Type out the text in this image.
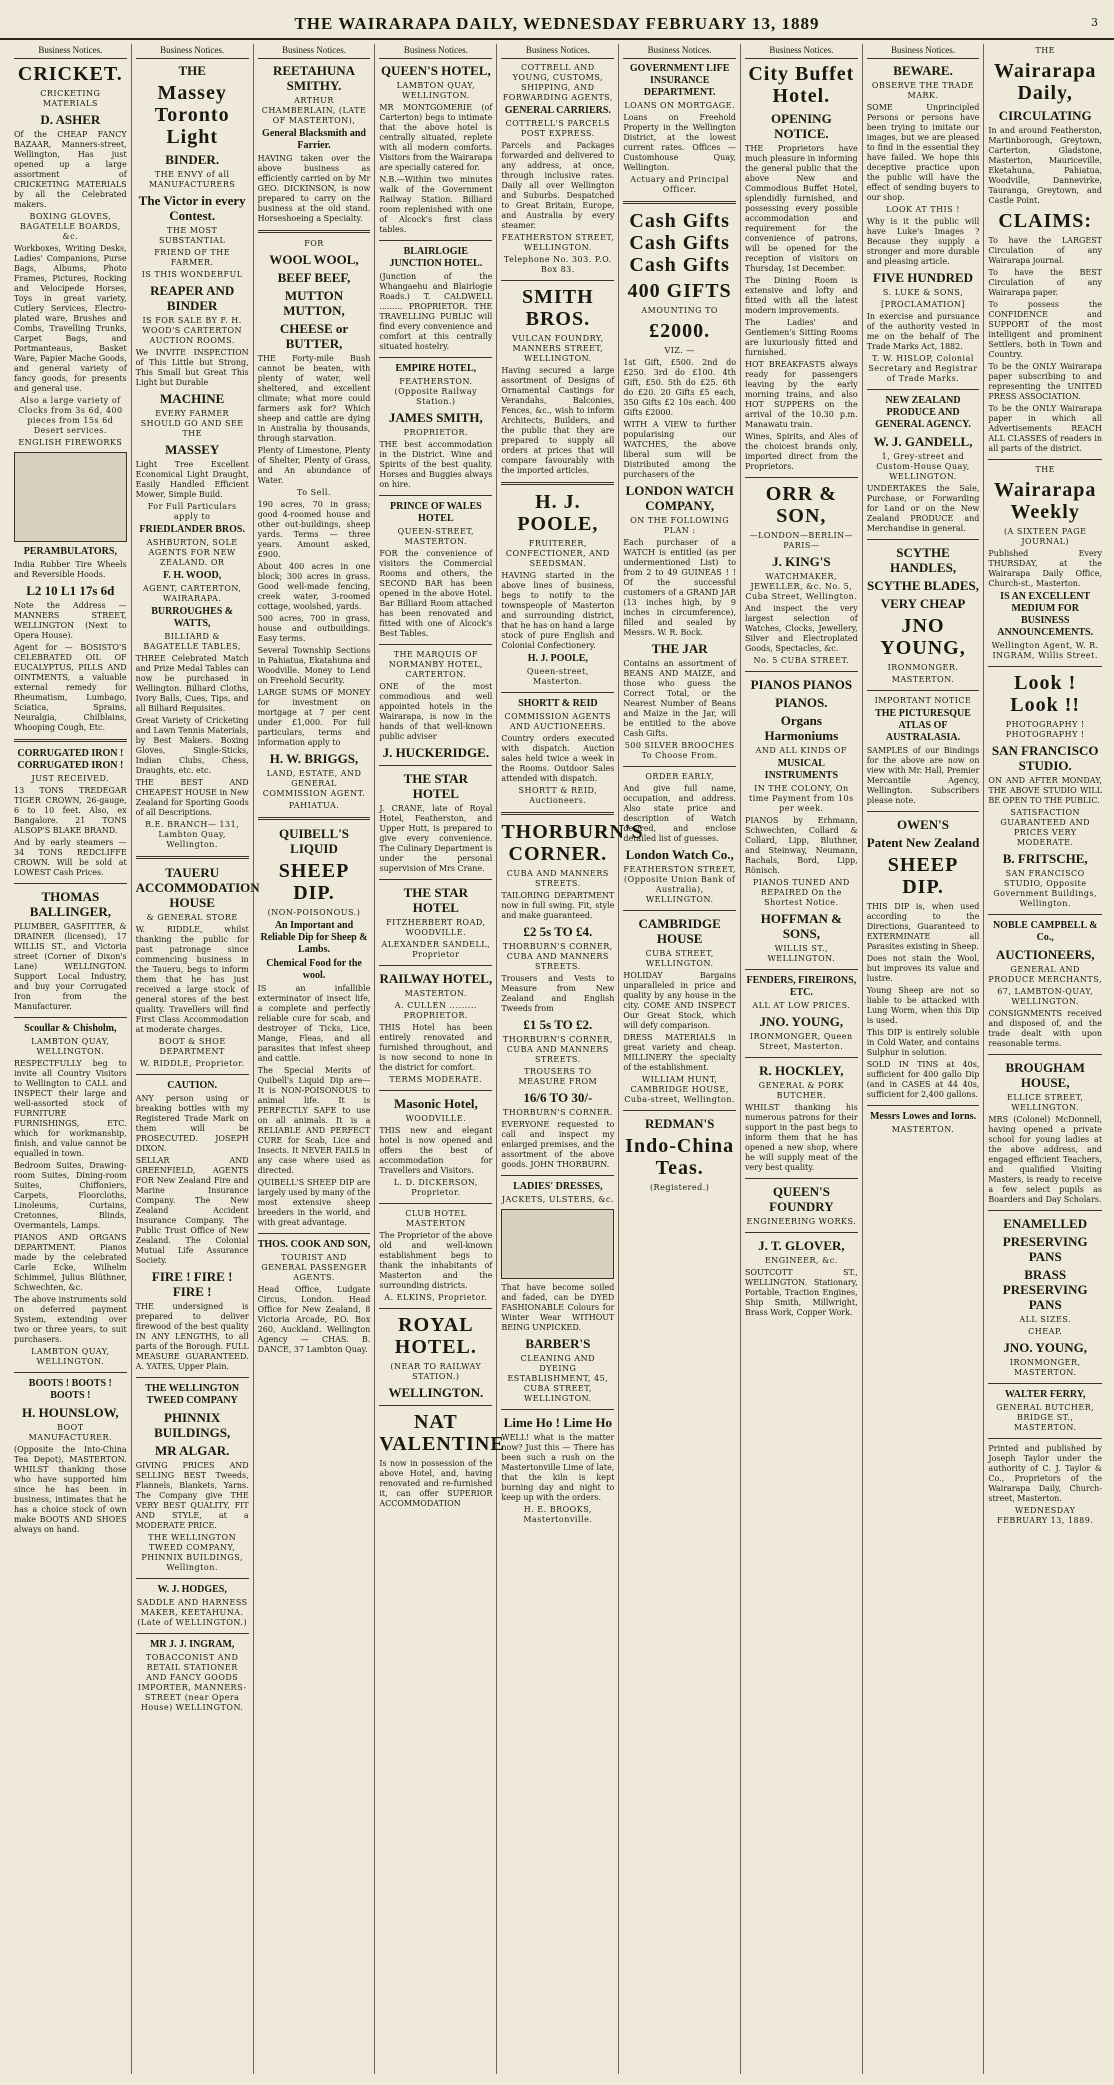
THE WAIRARAPA DAILY, WEDNESDAY FEBRUARY 13, 1889	3
Business Notices.
CRICKET.
CRICKETING MATERIALS
D. ASHER
Of the CHEAP FANCY BAZAAR, Manners-street, Wellington, Has just opened up a large assortment of CRICKETING MATERIALS by all the Celebrated makers.
BOXING GLOVES, BAGATELLE BOARDS, &c.
Workboxes, Writing Desks, Ladies' Companions, Purse Bags, Albums, Photo Frames, Pictures, Rocking and Velocipede Horses, Toys in great variety, Cutlery Services, Electro-plated ware, Brushes and Combs, Travelling Trunks, Carpet Bags, and Portmanteaus, Basket Ware, Papier Mache Goods, and general variety of fancy goods, for presents and general use.
Also a large variety of Clocks from 3s 6d, 400 pieces from 15s 6d Desert services.
ENGLISH FIREWORKS
PERAMBULATORS,
India Rubber Tire Wheels and Reversible Hoods.
L2 10 L1 17s 6d
Note the Address — MANNERS STREET, WELLINGTON (Next to Opera House).
Agent for — BOSISTO'S CELEBRATED OIL OF EUCALYPTUS, PILLS AND OINTMENTS, a valuable external remedy for Rheumatism, Lumbago, Sciatica, Sprains, Neuralgia, Chilblains, Whooping Cough, Etc.
CORRUGATED IRON ! CORRUGATED IRON !
JUST RECEIVED.
13 TONS TREDEGAR TIGER CROWN, 26-gauge, 6 to 10 feet. Also, ex Bangalore. 21 TONS ALSOP'S BLAKE BRAND.
And by early steamers — 34 TONS REDCLIFFE CROWN. Will be sold at LOWEST Cash Prices.
THOMAS BALLINGER,
PLUMBER, GASFITTER, & DRAINER (licensed), 17 WILLIS ST., and Victoria street (Corner of Dixon's Lane) WELLINGTON. Support Local Industry, and buy your Corrugated Iron from the Manufacturer.
Scoullar & Chisholm,
LAMBTON QUAY, WELLINGTON.
RESPECTFULLY beg to invite all Country Visitors to Wellington to CALL and INSPECT their large and well-assorted stock of FURNITURE FURNISHINGS, ETC. which for workmanship, finish, and value cannot be equalled in town.
Bedroom Suites, Drawing-room Suites, Dining-room Suites, Chiffoniers, Carpets, Floorcloths, Linoleums, Curtains, Cretonnes, Blinds, Overmantels, Lamps.
PIANOS AND ORGANS DEPARTMENT. Pianos made by the celebrated Carle Ecke, Wilhelm Schimmel, Julius Blüthner, Schwechten, &c.
The above instruments sold on deferred payment System, extending over two or three years, to suit purchasers.
LAMBTON QUAY, WELLINGTON.
BOOTS ! BOOTS ! BOOTS !
H. HOUNSLOW,
BOOT MANUFACTURER.
(Opposite the Into-China Tea Depot), MASTERTON. WHILST thanking those who have supported him since he has been in business, intimates that he has a choice stock of own make BOOTS AND SHOES always on hand.
Business Notices.
THE
Massey Toronto Light
BINDER.
THE ENVY of all MANUFACTURERS
The Victor in every Contest.
THE MOST SUBSTANTIAL
FRIEND OF THE FARMER.
IS THIS WONDERFUL
REAPER AND BINDER
IS FOR SALE BY F. H. WOOD'S CARTERTON AUCTION ROOMS.
We INVITE INSPECTION of This Little but Strong, This Small but Great This Light but Durable
MACHINE
EVERY FARMER SHOULD GO AND SEE THE
MASSEY
Light Tree Excellent Economical Light Draught, Easily Handled Efficient Mower, Simple Build.
For Full Particulars apply to
FRIEDLANDER BROS.
ASHBURTON, SOLE AGENTS FOR NEW ZEALAND. OR
F. H. WOOD,
AGENT, CARTERTON, WAIRARAPA.
BURROUGHES & WATTS,
BILLIARD & BAGATELLE TABLES,
THREE Celebrated Match and Prize Medal Tables can now be purchased in Wellington. Billiard Cloths, Ivory Balls, Cues, Tips, and all Billiard Requisites.
Great Variety of Cricketing and Lawn Tennis Materials, by Best Makers. Boxing Gloves, Single-Sticks, Indian Clubs, Chess, Draughts, etc. etc.
THE BEST AND CHEAPEST HOUSE in New Zealand for Sporting Goods of all Descriptions.
R.E. BRANCH— 131, Lambton Quay, Wellington.
TAUERU ACCOMMODATION HOUSE
& GENERAL STORE
W. RIDDLE, whilst thanking the public for past patronage since commencing business in the Taueru, begs to inform them that he has just received a large stock of general stores of the best quality. Travellers will find First Class Accommodation at moderate charges.
BOOT & SHOE DEPARTMENT
W. RIDDLE, Proprietor.
CAUTION.
ANY person using or breaking bottles with my Registered Trade Mark on them will be PROSECUTED. JOSEPH DIXON.
SELLAR AND GREENFIELD, AGENTS FOR New Zealand Fire and Marine Insurance Company. The New Zealand Accident Insurance Company. The Public Trust Office of New Zealand. The Colonial Mutual Life Assurance Society.
FIRE ! FIRE ! FIRE !
THE undersigned is prepared to deliver firewood of the best quality IN ANY LENGTHS, to all parts of the Borough. FULL MEASURE GUARANTEED. A. YATES, Upper Plain.
THE WELLINGTON TWEED COMPANY
PHINNIX BUILDINGS,
MR ALGAR.
GIVING PRICES AND SELLING BEST Tweeds, Flannels, Blankets, Yarns. The Company give THE VERY BEST QUALITY, FIT AND STYLE, at a MODERATE PRICE.
THE WELLINGTON TWEED COMPANY, PHINNIX BUILDINGS, Wellington.
W. J. HODGES,
SADDLE AND HARNESS MAKER, KEETAHUNA. (Late of WELLINGTON.)
MR J. J. INGRAM,
TOBACCONIST AND RETAIL STATIONER AND FANCY GOODS IMPORTER, MANNERS-STREET (near Opera House) WELLINGTON.
Business Notices.
REETAHUNA SMITHY.
ARTHUR CHAMBERLAIN, (LATE OF MASTERTON),
General Blacksmith and Farrier.
HAVING taken over the above business as efficiently carried on by Mr GEO. DICKINSON, is now prepared to carry on the business at the old stand. Horseshoeing a Specialty.
FOR
WOOL WOOL,
BEEF BEEF,
MUTTON MUTTON,
CHEESE or BUTTER,
THE Forty-mile Bush cannot be beaten, with plenty of water, well sheltered, and excellent climate; what more could farmers ask for? Which sheep and cattle are dying in Australia by thousands, through starvation.
Plenty of Limestone, Plenty of Shelter, Plenty of Grass, and An abundance of Water.
To Sell.
190 acres, 70 in grass; good 4-roomed house and other out-buildings, sheep yards. Terms — three years. Amount asked, £900.
About 400 acres in one block; 300 acres in grass. Good well-made fencing, creek water, 3-roomed cottage, woolshed, yards.
500 acres, 700 in grass, house and outbuildings. Easy terms.
Several Township Sections in Pahiatua, Ekatahuna and Woodville. Money to Lend on Freehold Security.
LARGE SUMS OF MONEY for investment on mortgage at 7 per cent under £1,000. For full particulars, terms and information apply to
H. W. BRIGGS,
LAND, ESTATE, AND GENERAL COMMISSION AGENT.
PAHIATUA.
QUIBELL'S LIQUID
SHEEP DIP.
(NON-POISONOUS.)
An Important and Reliable Dip for Sheep & Lambs.
Chemical Food for the wool.
IS an infallible exterminator of insect life, a complete and perfectly reliable cure for scab, and destroyer of Ticks, Lice, Mange, Fleas, and all parasites that infest sheep and cattle.
The Special Merits of Quibell's Liquid Dip are— It is NON-POISONOUS to animal life. It is PERFECTLY SAFE to use on all animals. It is a RELIABLE AND PERFECT CURE for Scab, Lice and Insects. It NEVER FAILS in any case where used as directed.
QUIBELL'S SHEEP DIP are largely used by many of the most extensive sheep breeders in the world, and with great advantage.
THOS. COOK AND SON,
TOURIST AND GENERAL PASSENGER AGENTS.
Head Office, Ludgate Circus, London. Head Office for New Zealand, 8 Victoria Arcade, P.O. Box 260, Auckland. Wellington Agency — CHAS. B. DANCE, 37 Lambton Quay.
Business Notices.
QUEEN'S HOTEL,
LAMBTON QUAY, WELLINGTON.
MR MONTGOMERIE (of Carterton) begs to intimate that the above hotel is centrally situated, replete with all modern comforts. Visitors from the Wairarapa are specially catered for.
N.B.—Within two minutes walk of the Government Railway Station. Billiard room replenished with one of Alcock's first class tables.
BLAIRLOGIE JUNCTION HOTEL.
(Junction of the Whangaehu and Blairlogie Roads.) T. CALDWELL ......... PROPRIETOR. THE TRAVELLING PUBLIC will find every convenience and comfort at this centrally situated hostelry.
EMPIRE HOTEL,
FEATHERSTON. (Opposite Railway Station.)
JAMES SMITH,
PROPRIETOR.
THE best accommodation in the District. Wine and Spirits of the best quality. Horses and Buggies always on hire.
PRINCE OF WALES HOTEL
QUEEN-STREET, MASTERTON.
FOR the convenience of visitors the Commercial Rooms and others, the SECOND BAR has been opened in the above Hotel. Bar Billiard Room attached has been renovated and fitted with one of Alcock's Best Tables.
THE MARQUIS OF NORMANBY HOTEL, CARTERTON.
ONE of the most commodious and well appointed hotels in the Wairarapa, is now in the hands of that well-known public adviser
J. HUCKERIDGE.
THE STAR HOTEL
J. CRANE, late of Royal Hotel, Featherston, and Upper Hutt, is prepared to give every convenience. The Culinary Department is under the personal supervision of Mrs Crane.
THE STAR HOTEL
FITZHERBERT ROAD, WOODVILLE.
ALEXANDER SANDELL, Proprietor
RAILWAY HOTEL,
MASTERTON.
A. CULLEN ......... PROPRIETOR.
THIS Hotel has been entirely renovated and furnished throughout, and is now second to none in the district for comfort.
TERMS MODERATE.
Masonic Hotel,
WOODVILLE.
THIS new and elegant hotel is now opened and offers the best of accommodation for Travellers and Visitors.
L. D. DICKERSON, Proprietor.
CLUB HOTEL MASTERTON
The Proprietor of the above old and well-known establishment begs to thank the inhabitants of Masterton and the surrounding districts.
A. ELKINS, Proprietor.
ROYAL HOTEL.
(NEAR TO RAILWAY STATION.)
WELLINGTON.
NAT VALENTINE
Is now in possession of the above Hotel, and, having renovated and re-furnished it, can offer SUPERIOR ACCOMMODATION
Business Notices.
COTTRELL AND YOUNG, CUSTOMS, SHIPPING, AND FORWARDING AGENTS,
GENERAL CARRIERS.
COTTRELL'S PARCELS POST EXPRESS.
Parcels and Packages forwarded and delivered to any address, at once, through inclusive rates. Daily all over Wellington and Suburbs. Despatched to Great Britain, Europe, and Australia by every steamer.
FEATHERSTON STREET, WELLINGTON.
Telephone No. 303. P.O. Box 83.
SMITH BROS.
VULCAN FOUNDRY, MANNERS STREET, WELLINGTON.
Having secured a large assortment of Designs of Ornamental Castings for Verandahs, Balconies, Fences, &c., wish to inform Architects, Builders, and the public that they are prepared to supply all orders at prices that will compare favourably with the imported articles.
H. J. POOLE,
FRUITERER, CONFECTIONER, AND SEEDSMAN.
HAVING started in the above lines of business, begs to notify to the townspeople of Masterton and surrounding district, that he has on hand a large stock of pure English and Colonial Confectionery.
H. J. POOLE,
Queen-street, Masterton.
SHORTT & REID
COMMISSION AGENTS AND AUCTIONEERS.
Country orders executed with dispatch. Auction sales held twice a week in the Rooms. Outdoor Sales attended with dispatch.
SHORTT & REID, Auctioneers.
THORBURN'S CORNER.
CUBA AND MANNERS STREETS.
TAILORING DEPARTMENT now in full swing. Fit, style and make guaranteed.
£2 5s TO £4.
THORBURN'S CORNER, CUBA AND MANNERS STREETS.
Trousers and Vests to Measure from New Zealand and English Tweeds from
£1 5s TO £2.
THORBURN'S CORNER, CUBA AND MANNERS STREETS.
TROUSERS TO MEASURE FROM
16/6 TO 30/-
THORBURN'S CORNER.
EVERYONE requested to call and inspect my enlarged premises, and the assortment of the above goods. JOHN THORBURN.
LADIES' DRESSES,
JACKETS, ULSTERS, &c.
That have become soiled and faded, can be DYED FASHIONABLE Colours for Winter Wear WITHOUT BEING UNPICKED.
BARBER'S
CLEANING AND DYEING ESTABLISHMENT, 45, CUBA STREET, WELLINGTON.
Lime Ho ! Lime Ho
WELL! what is the matter now? Just this — There has been such a rush on the Mastertonville Lime of late, that the kiln is kept burning day and night to keep up with the orders.
H. E. BROOKS, Mastertonville.
Business Notices.
GOVERNMENT LIFE INSURANCE DEPARTMENT.
LOANS ON MORTGAGE.
Loans on Freehold Property in the Wellington District, at the lowest current rates. Offices — Customhouse Quay, Wellington.
Actuary and Principal Officer.
Cash Gifts Cash Gifts Cash Gifts
400 GIFTS
AMOUNTING TO
£2000.
VIZ. —
1st Gift, £500. 2nd do £250. 3rd do £100. 4th Gift, £50. 5th do £25. 6th do £20. 20 Gifts £5 each, 350 Gifts £2 10s each. 400 Gifts £2000.
WITH A VIEW to further popularising our WATCHES, the above liberal sum will be Distributed among the purchasers of the
LONDON WATCH COMPANY,
ON THE FOLLOWING PLAN :
Each purchaser of a WATCH is entitled (as per undermentioned List) to from 2 to 49 GUINEAS ! ! Of the successful customers of a GRAND JAR (13 inches high, by 9 inches in circumference), filled and sealed by Messrs. W. R. Bock.
THE JAR
Contains an assortment of BEANS AND MAIZE, and those who guess the Correct Total, or the Nearest Number of Beans and Maize in the Jar, will be entitled to the above Cash Gifts.
500 SILVER BROOCHES To Choose From.
ORDER EARLY,
And give full name, occupation, and address. Also state price and description of Watch desired, and enclose detailed list of guesses.
London Watch Co.,
FEATHERSTON STREET, (Opposite Union Bank of Australia), WELLINGTON.
CAMBRIDGE HOUSE
CUBA STREET, WELLINGTON.
HOLIDAY Bargains unparalleled in price and quality by any house in the city. COME AND INSPECT Our Great Stock, which will defy comparison.
DRESS MATERIALS in great variety and cheap. MILLINERY the specialty of the establishment.
WILLIAM HUNT, CAMBRIDGE HOUSE, Cuba-street, Wellington.
REDMAN'S
Indo-China Teas.
(Registered.)
Business Notices.
City Buffet Hotel.
OPENING NOTICE.
THE Proprietors have much pleasure in informing the general public that the above New and Commodious Buffet Hotel, splendidly furnished, and possessing every possible accommodation and requirement for the convenience of patrons, will be opened for the reception of visitors on Thursday, 1st December.
The Dining Room is extensive and lofty and fitted with all the latest modern improvements.
The Ladies' and Gentlemen's Sitting Rooms are luxuriously fitted and furnished.
HOT BREAKFASTS always ready for passengers leaving by the early morning trains, and also HOT SUPPERS on the arrival of the 10.30 p.m. Manawatu train.
Wines, Spirits, and Ales of the choicest brands only, imported direct from the Proprietors.
ORR & SON,
—LONDON—BERLIN—PARIS—
J. KING'S
WATCHMAKER, JEWELLER, &c. No. 5, Cuba Street, Wellington.
And inspect the very largest selection of Watches, Clocks, Jewellery, Silver and Electroplated Goods, Spectacles, &c.
No. 5 CUBA STREET.
PIANOS PIANOS
PIANOS.
Organs Harmoniums
AND ALL KINDS OF
MUSICAL INSTRUMENTS
IN THE COLONY, On time Payment from 10s per week.
PIANOS by Erhmann, Schwechten, Collard & Collard, Lipp, Bluthner, and Steinway, Neumann, Rachals, Bord, Lipp, Rönisch.
PIANOS TUNED AND REPAIRED On the Shortest Notice.
HOFFMAN & SONS,
WILLIS ST., WELLINGTON.
FENDERS, FIREIRONS, ETC.
ALL AT LOW PRICES.
JNO. YOUNG,
IRONMONGER, Queen Street, Masterton.
R. HOCKLEY,
GENERAL & PORK BUTCHER.
WHILST thanking his numerous patrons for their support in the past begs to inform them that he has opened a new shop, where he will supply meat of the very best quality.
QUEEN'S FOUNDRY
ENGINEERING WORKS.
J. T. GLOVER,
ENGINEER, &c.
SOUTCOTT ST., WELLINGTON. Stationary, Portable, Traction Engines, Ship Smith, Millwright, Brass Work, Copper Work.
Business Notices.
BEWARE.
OBSERVE THE TRADE MARK.
SOME Unprincipled Persons or persons have been trying to imitate our images, but we are pleased to find in the essential they have failed. We hope this deceptive practice upon the public will have the effect of sending buyers to our shop.
LOOK AT THIS !
Why is it the public will have Luke's Images ? Because they supply a stronger and more durable and pleasing article.
FIVE HUNDRED
S. LUKE & SONS,
[PROCLAMATION]
In exercise and pursuance of the authority vested in me on the behalf of The Trade Marks Act, 1882.
T. W. HISLOP, Colonial Secretary and Registrar of Trade Marks.
NEW ZEALAND PRODUCE AND GENERAL AGENCY.
W. J. GANDELL,
1, Grey-street and Custom-House Quay, WELLINGTON.
UNDERTAKES the Sale, Purchase, or Forwarding for Land or on the New Zealand PRODUCE and Merchandise in general.
SCYTHE HANDLES,
SCYTHE BLADES,
VERY CHEAP
JNO YOUNG,
IRONMONGER.
MASTERTON.
IMPORTANT NOTICE
THE PICTURESQUE ATLAS OF AUSTRALASIA.
SAMPLES of our Bindings for the above are now on view with Mr. Hall, Premier Mercantile Agency, Wellington. Subscribers please note.
OWEN'S
Patent New Zealand
SHEEP DIP.
THIS DIP is, when used according to the Directions, Guaranteed to EXTERMINATE all Parasites existing in Sheep.
Does not stain the Wool, but improves its value and lustre.
Young Sheep are not so liable to be attacked with Lung Worm, when this Dip is used.
This DIP is entirely soluble in Cold Water, and contains Sulphur in solution.
SOLD IN TINS at 40s, sufficient for 400 gallo Dip (and in CASES at 44 40s, sufficient for 2,400 gallons.
Messrs Lowes and Iorns.
MASTERTON.
THE
Wairarapa Daily,
CIRCULATING
In and around Featherston, Martinborough, Greytown, Carterton, Gladstone, Masterton, Mauriceville, Eketahuna, Pahiatua, Woodville, Dannevirke, Tauranga, Greytown, and Castle Point.
CLAIMS:
To have the LARGEST Circulation of any Wairarapa journal.
To have the BEST Circulation of any Wairarapa paper.
To possess the CONFIDENCE and SUPPORT of the most intelligent and prominent Settlers, both in Town and Country.
To be the ONLY Wairarapa paper subscribing to and representing the UNITED PRESS ASSOCIATION.
To be the ONLY Wairarapa paper in which all Advertisements REACH ALL CLASSES of readers in all parts of the district.
THE
Wairarapa Weekly
(A SIXTEEN PAGE JOURNAL)
Published Every THURSDAY, at the Wairarapa Daily Office, Church-st., Masterton.
IS AN EXCELLENT MEDIUM FOR BUSINESS ANNOUNCEMENTS.
Wellington Agent, W. R. INGRAM, Willis Street.
Look ! Look !!
PHOTOGRAPHY ! PHOTOGRAPHY !
SAN FRANCISCO STUDIO.
ON AND AFTER MONDAY, THE ABOVE STUDIO WILL BE OPEN TO THE PUBLIC.
SATISFACTION GUARANTEED AND PRICES VERY MODERATE.
B. FRITSCHE,
SAN FRANCISCO STUDIO, Opposite Government Buildings, Wellington.
NOBLE CAMPBELL & Co.,
AUCTIONEERS,
GENERAL AND PRODUCE MERCHANTS,
67, LAMBTON-QUAY, WELLINGTON.
CONSIGNMENTS received and disposed of, and the trade dealt with upon reasonable terms.
BROUGHAM HOUSE,
ELLICE STREET, WELLINGTON.
MRS (Colonel) McDonnell, having opened a private school for young ladies at the above address, and engaged efficient Teachers, and qualified Visiting Masters, is ready to receive a few select pupils as Boarders and Day Scholars.
ENAMELLED
PRESERVING PANS
BRASS PRESERVING PANS
ALL SIZES.
CHEAP.
JNO. YOUNG,
IRONMONGER, MASTERTON.
WALTER FERRY,
GENERAL BUTCHER, BRIDGE ST., MASTERTON.
Printed and published by Joseph Taylor under the authority of C. J. Taylor & Co., Proprietors of the Wairarapa Daily, Church-street, Masterton.
WEDNESDAY FEBRUARY 13, 1889.
